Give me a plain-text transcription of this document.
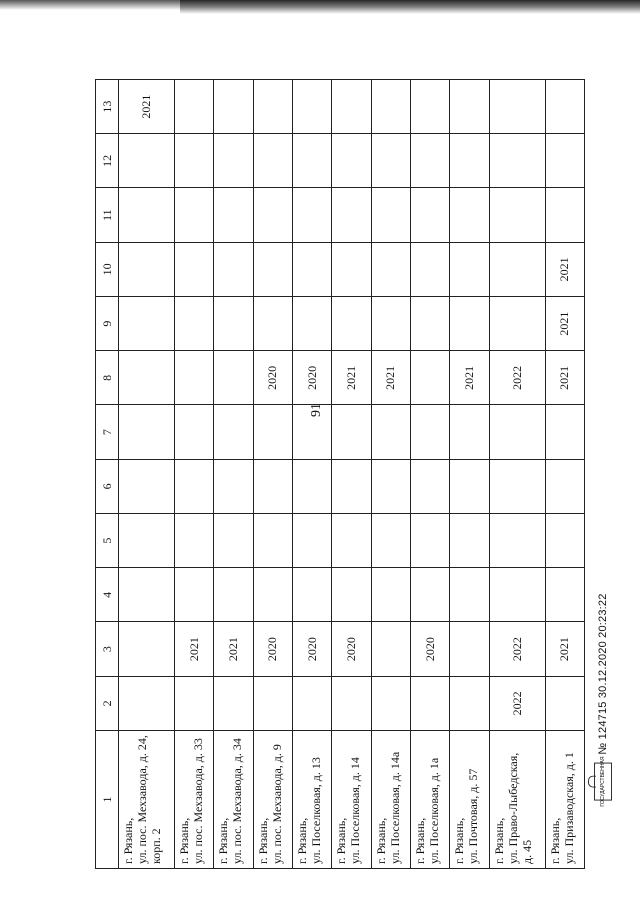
91
1	2	3	4	5	6	7	8	9	10	11	12	13

г. Рязань, ул. пос. Мехзавода, д. 24, корп. 2												2021

г. Рязань, ул. пос. Мехзавода, д. 33		2021										

г. Рязань, ул. пос. Мехзавода, д. 34		2021										

г. Рязань, ул. пос. Мехзавода, д. 9		2020					2020					

г. Рязань, ул. Поселковая, д. 13		2020					2020					

г. Рязань, ул. Поселковая, д. 14		2020					2021					

г. Рязань, ул. Поселковая, д. 14а							2021					

г. Рязань, ул. Поселковая, д. 1а		2020										

г. Рязань, ул. Почтовая, д. 57							2021					

г. Рязань, ул. Право-Лыбедская, д. 45	2022	2022					2022					

г. Рязань, ул. Призаводская, д. 1		2021					2021	2021	2021			
ГОСУДАРСТВЕННАЯ
№ 124715 30.12.2020 20:23:22
